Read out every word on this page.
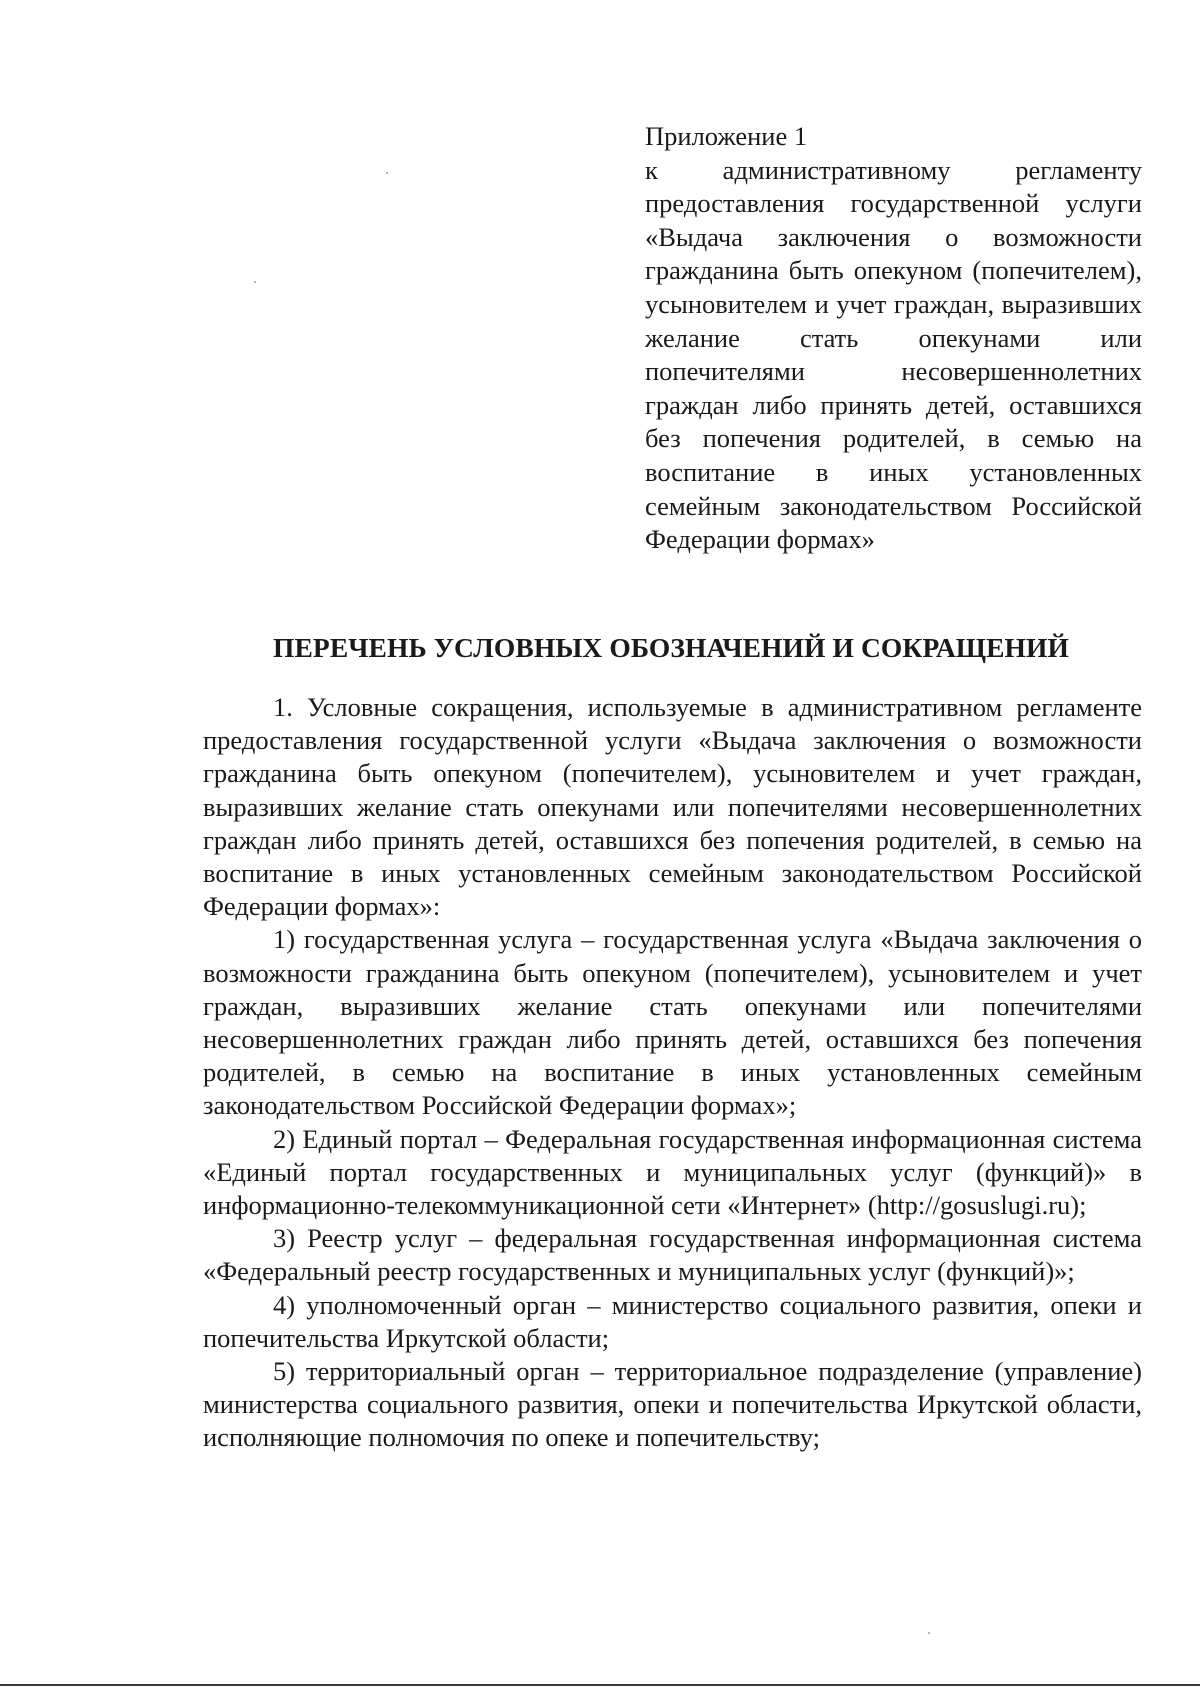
Приложение 1

к административному регламенту предоставления государственной услуги «Выдача заключения о возможности гражданина быть опекуном (попечителем), усыновителем и учет граждан, выразивших желание стать опекунами или попечителями несовершеннолетних граждан либо принять детей, оставшихся без попечения родителей, в семью на воспитание в иных установленных семейным законодательством Российской Федерации формах»

ПЕРЕЧЕНЬ УСЛОВНЫХ ОБОЗНАЧЕНИЙ И СОКРАЩЕНИЙ

1. Условные сокращения, используемые в административном регламенте предоставления государственной услуги «Выдача заключения о возможности гражданина быть опекуном (попечителем), усыновителем и учет граждан, выразивших желание стать опекунами или попечителями несовершеннолетних граждан либо принять детей, оставшихся без попечения родителей, в семью на воспитание в иных установленных семейным законодательством Российской Федерации формах»:

1) государственная услуга – государственная услуга «Выдача заключения о возможности гражданина быть опекуном (попечителем), усыновителем и учет граждан, выразивших желание стать опекунами или попечителями несовершеннолетних граждан либо принять детей, оставшихся без попечения родителей, в семью на воспитание в иных установленных семейным законодательством Российской Федерации формах»;

2) Единый портал – Федеральная государственная информационная система «Единый портал государственных и муниципальных услуг (функций)» в информационно-телекоммуникационной сети «Интернет» (http://gosuslugi.ru);

3) Реестр услуг – федеральная государственная информационная система «Федеральный реестр государственных и муниципальных услуг (функций)»;

4) уполномоченный орган – министерство социального развития, опеки и попечительства Иркутской области;

5) территориальный орган – территориальное подразделение (управление) министерства социального развития, опеки и попечительства Иркутской области, исполняющие полномочия по опеке и попечительству;
